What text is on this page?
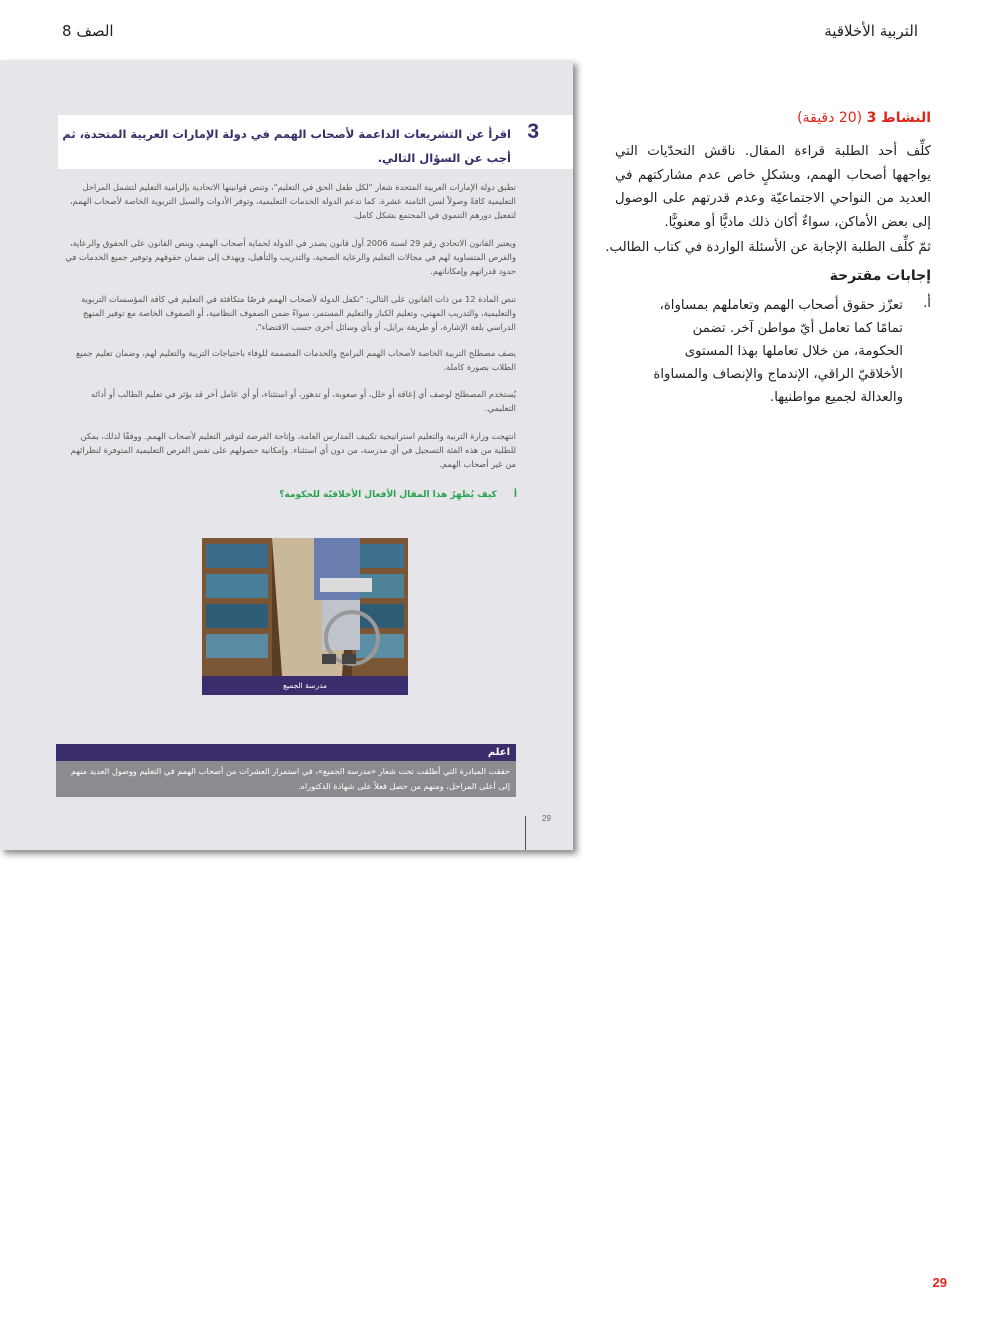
التربية الأخلاقية
الصف 8
3
اقرأ عن التشريعات الداعمة لأصحاب الهمم في دولة الإمارات العربية المتحدة، ثم أجب عن السؤال التالي.
تطبق دولة الإمارات العربية المتحدة شعار "لكل طفل الحق في التعليم"، وتنص قوانينها الاتحادية بإلزامية التعليم لتشمل المراحل التعليمية كافةً وصولاً لسن الثامنة عشرة. كما تدعم الدولة الخدمات التعليمية، وتوفر الأدوات والسبل التربوية الخاصة لأصحاب الهمم، لتفعيل دورهم التنموي في المجتمع بشكل كامل.
ويعتبر القانون الاتحادي رقم 29 لسنة 2006 أول قانون يصدر في الدولة لحماية أصحاب الهمم، وينص القانون على الحقوق والرعاية، والفرص المتساوية لهم في مجالات التعليم والرعاية الصحية، والتدريب والتأهيل، ويهدف إلى ضمان حقوقهم وتوفير جميع الخدمات في حدود قدراتهم وإمكاناتهم.
تنص المادة 12 من ذات القانون على التالي: "تكفل الدولة لأصحاب الهمم فرصًا متكافئة في التعليم في كافة المؤسسات التربوية والتعليمية، والتدريب المهني، وتعليم الكبار والتعليم المستمر، سواءً ضمن الصفوف النظامية، أو الصفوف الخاصة مع توفير المنهج الدراسي بلغة الإشارة، أو طريقة برايل، أو بأي وسائل أخرى حسب الاقتضاء".
يصف مصطلح التربية الخاصة لأصحاب الهمم البرامج والخدمات المصممة للوفاء باحتياجات التربية والتعليم لهم، وضمان تعليم جميع الطلاب بصورة كاملة.
يُستخدم المصطلح لوصف أي إعاقة أو خلل، أو صعوبة، أو تدهور، أو استثناء، أو أي عامل آخر قد يؤثر في تعليم الطالب أو أدائه التعليمي.
انتهجت وزارة التربية والتعليم استراتيجية تكييف المدارس العامة، وإتاحة الفرصة لتوفير التعليم لأصحاب الهمم. ووفقًا لذلك، يمكن للطلبة من هذه الفئة التسجيل في أي مدرسة، من دون أي استثناء. وإمكانية حصولهم على نفس الفرص التعليمية المتوفرة لنظرائهم من غير أصحاب الهمم.
أ كيف يُظهِرُ هذا المقال الأفعال الأخلاقيّة للحكومة؟
مدرسة الجميع
اعلم
حققت المبادرة التي أطلقت تحت شعار «مدرسة الجميع»، في استمرار العشرات من أصحاب الهمم في التعليم ووصول العديد منهم إلى أعلى المراحل، ومنهم من حصل فعلاً على شهادة الدكتوراه.
29
النشاط 3 (20 دقيقة)
كلِّف أحد الطلبة قراءة المقال. ناقش التحدّيات التي يواجهها أصحاب الهمم، وبشكلٍ خاص عدم مشاركتهم في العديد من النواحي الاجتماعيّة وعدم قدرتهم على الوصول إلى بعض الأماكن، سواءٌ أكان ذلك ماديًّا أو معنويًّا.
ثمّ كلِّف الطلبة الإجابة عن الأسئلة الواردة في كتاب الطالب.
إجابات مقترحة
أ.
تعزّز حقوق أصحاب الهمم وتعاملهم بمساواة، تمامًا كما تعامل أيّ مواطن آخر. تضمن الحكومة، من خلال تعاملها بهذا المستوى الأخلاقيّ الراقي، الإندماج والإنصاف والمساواة والعدالة لجميع مواطنيها.
29
